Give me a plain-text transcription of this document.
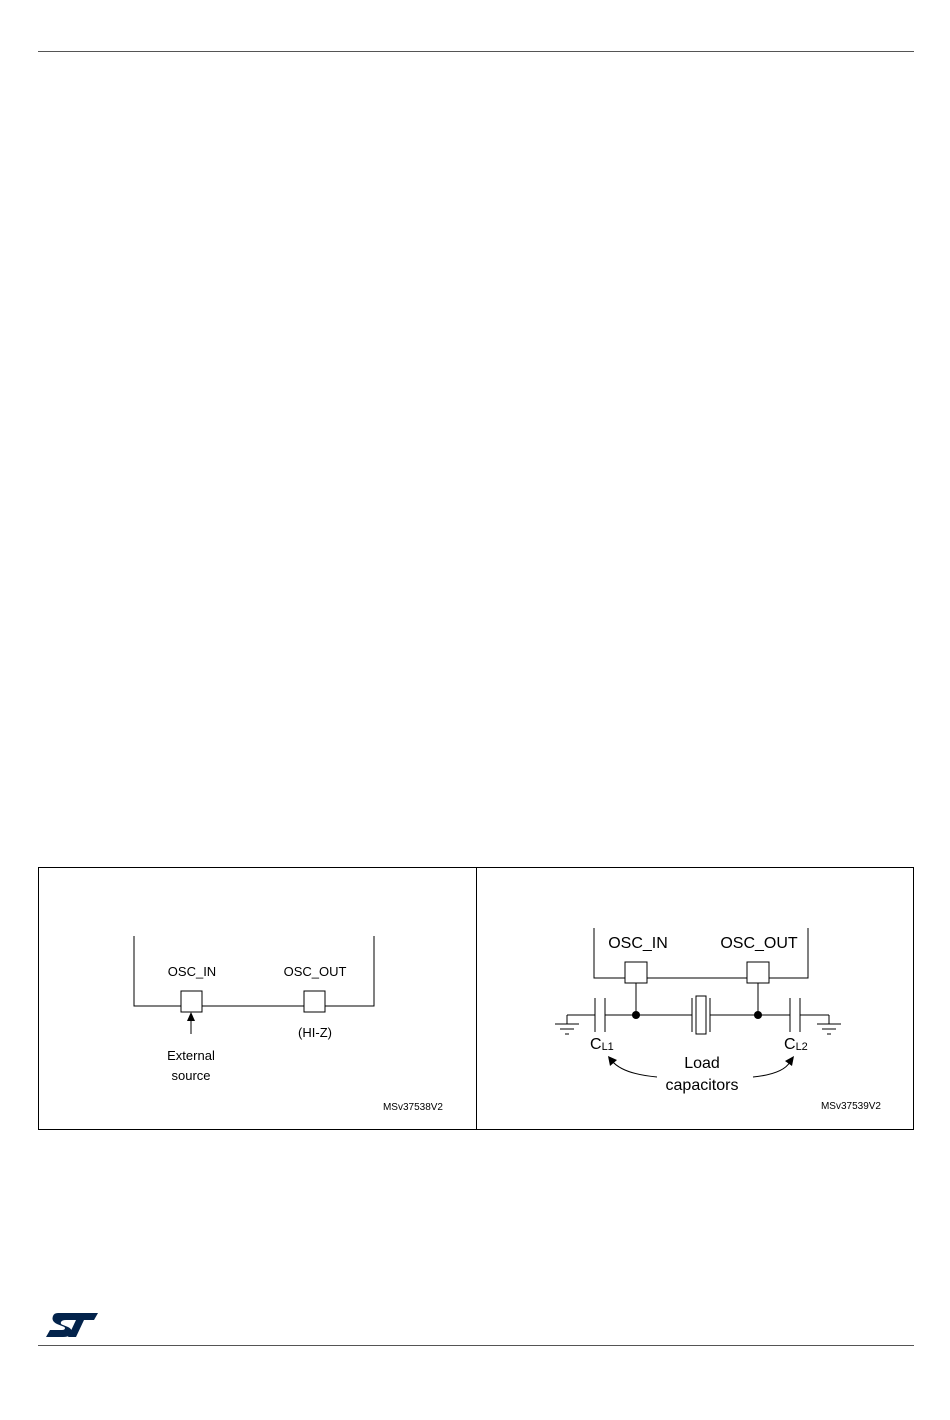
OSC_IN	OSC_OUT
(HI-Z)
External
source
MSv37538V2
OSC_IN	OSC_OUT
CL1	CL2
Load
capacitors
MSv37539V2
